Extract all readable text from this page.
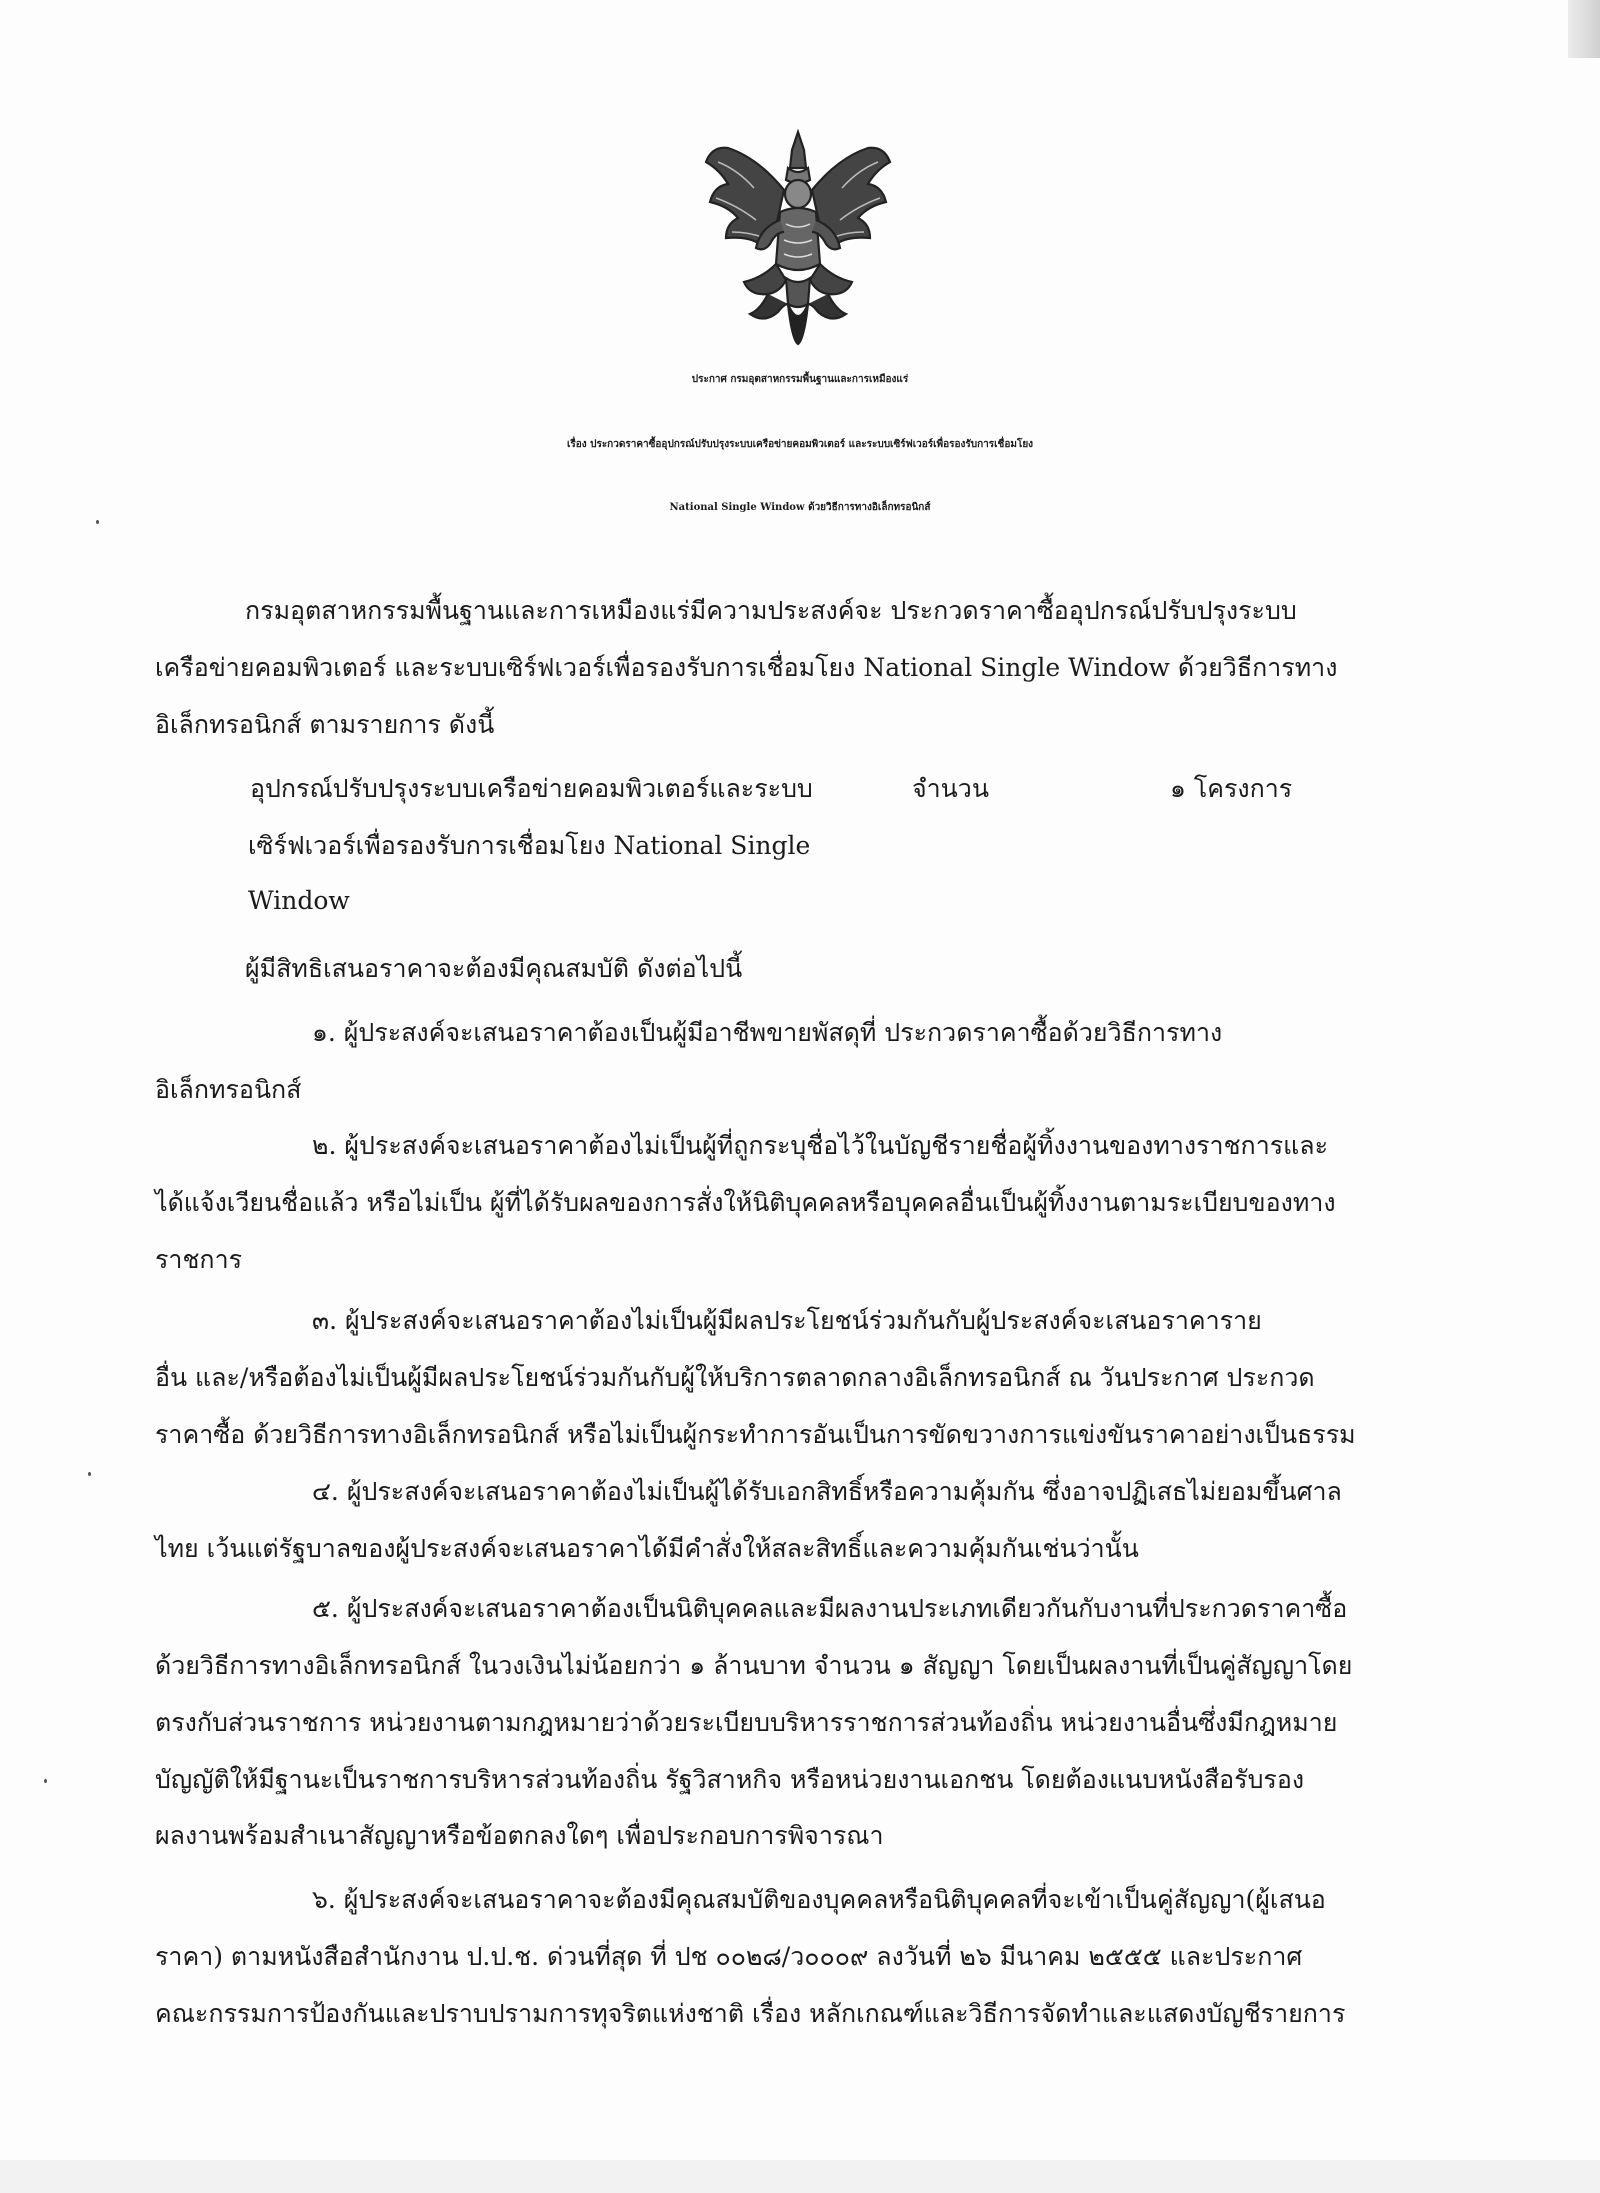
ประกาศ กรมอุตสาหกรรมพื้นฐานและการเหมืองแร่
เรื่อง ประกวดราคาซื้ออุปกรณ์ปรับปรุงระบบเครือข่ายคอมพิวเตอร์ และระบบเซิร์ฟเวอร์เพื่อรองรับการเชื่อมโยง
National Single Window ด้วยวิธีการทางอิเล็กทรอนิกส์
กรมอุตสาหกรรมพื้นฐานและการเหมืองแร่มีความประสงค์จะ ประกวดราคาซื้ออุปกรณ์ปรับปรุงระบบ
เครือข่ายคอมพิวเตอร์ และระบบเซิร์ฟเวอร์เพื่อรองรับการเชื่อมโยง National Single Window ด้วยวิธีการทาง
อิเล็กทรอนิกส์ ตามรายการ ดังนี้
อุปกรณ์ปรับปรุงระบบเครือข่ายคอมพิวเตอร์และระบบ
เซิร์ฟเวอร์เพื่อรองรับการเชื่อมโยง National Single
Window
จำนวน	๑ โครงการ
ผู้มีสิทธิเสนอราคาจะต้องมีคุณสมบัติ ดังต่อไปนี้
๑. ผู้ประสงค์จะเสนอราคาต้องเป็นผู้มีอาชีพขายพัสดุที่ ประกวดราคาซื้อด้วยวิธีการทาง
อิเล็กทรอนิกส์
๒. ผู้ประสงค์จะเสนอราคาต้องไม่เป็นผู้ที่ถูกระบุชื่อไว้ในบัญชีรายชื่อผู้ทิ้งงานของทางราชการและ
ได้แจ้งเวียนชื่อแล้ว หรือไม่เป็น ผู้ที่ได้รับผลของการสั่งให้นิติบุคคลหรือบุคคลอื่นเป็นผู้ทิ้งงานตามระเบียบของทาง
ราชการ
๓. ผู้ประสงค์จะเสนอราคาต้องไม่เป็นผู้มีผลประโยชน์ร่วมกันกับผู้ประสงค์จะเสนอราคาราย
อื่น และ/หรือต้องไม่เป็นผู้มีผลประโยชน์ร่วมกันกับผู้ให้บริการตลาดกลางอิเล็กทรอนิกส์ ณ วันประกาศ ประกวด
ราคาซื้อ ด้วยวิธีการทางอิเล็กทรอนิกส์ หรือไม่เป็นผู้กระทำการอันเป็นการขัดขวางการแข่งขันราคาอย่างเป็นธรรม
๔. ผู้ประสงค์จะเสนอราคาต้องไม่เป็นผู้ได้รับเอกสิทธิ์หรือความคุ้มกัน ซึ่งอาจปฏิเสธไม่ยอมขึ้นศาล
ไทย เว้นแต่รัฐบาลของผู้ประสงค์จะเสนอราคาได้มีคำสั่งให้สละสิทธิ์และความคุ้มกันเช่นว่านั้น
๕. ผู้ประสงค์จะเสนอราคาต้องเป็นนิติบุคคลและมีผลงานประเภทเดียวกันกับงานที่ประกวดราคาซื้อ
ด้วยวิธีการทางอิเล็กทรอนิกส์ ในวงเงินไม่น้อยกว่า ๑ ล้านบาท จำนวน ๑ สัญญา โดยเป็นผลงานที่เป็นคู่สัญญาโดย
ตรงกับส่วนราชการ หน่วยงานตามกฎหมายว่าด้วยระเบียบบริหารราชการส่วนท้องถิ่น หน่วยงานอื่นซึ่งมีกฎหมาย
บัญญัติให้มีฐานะเป็นราชการบริหารส่วนท้องถิ่น รัฐวิสาหกิจ หรือหน่วยงานเอกชน โดยต้องแนบหนังสือรับรอง
ผลงานพร้อมสำเนาสัญญาหรือข้อตกลงใดๆ เพื่อประกอบการพิจารณา
๖. ผู้ประสงค์จะเสนอราคาจะต้องมีคุณสมบัติของบุคคลหรือนิติบุคคลที่จะเข้าเป็นคู่สัญญา(ผู้เสนอ
ราคา) ตามหนังสือสำนักงาน ป.ป.ช. ด่วนที่สุด ที่ ปช ๐๐๒๘/ว๐๐๐๙ ลงวันที่ ๒๖ มีนาคม ๒๕๕๕ และประกาศ
คณะกรรมการป้องกันและปราบปรามการทุจริตแห่งชาติ เรื่อง หลักเกณฑ์และวิธีการจัดทำและแสดงบัญชีรายการ
